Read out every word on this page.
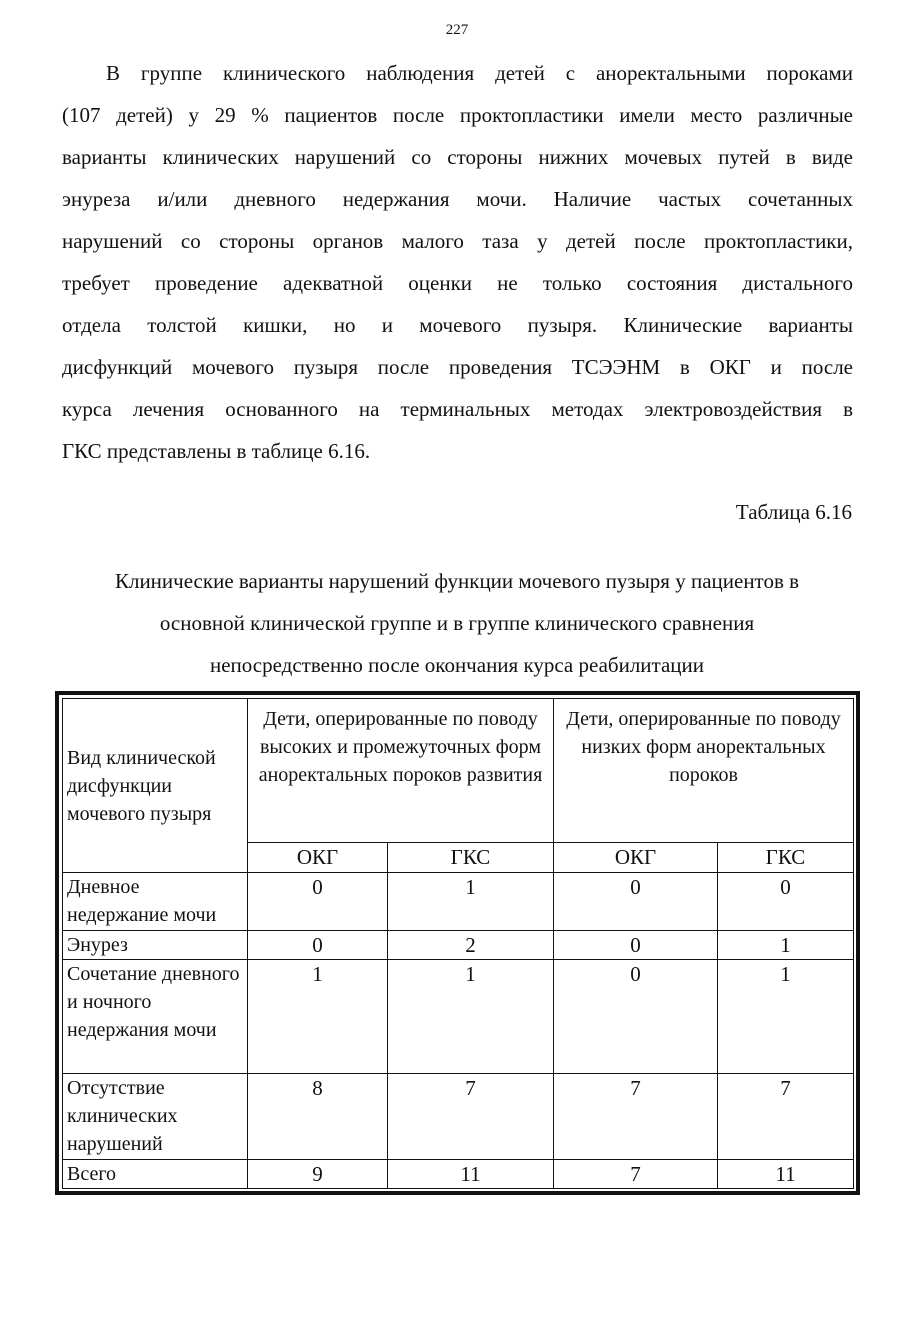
227
В группе клинического наблюдения детей с аноректальными пороками
(107 детей) у 29 % пациентов после проктопластики имели место различные
варианты клинических нарушений со стороны нижних мочевых путей в виде
энуреза и/или дневного недержания мочи. Наличие частых сочетанных
нарушений со стороны органов малого таза у детей после проктопластики,
требует проведение адекватной оценки не только состояния дистального
отдела толстой кишки, но и мочевого пузыря. Клинические варианты
дисфункций мочевого пузыря после проведения ТСЭЭНМ в ОКГ и после
курса лечения основанного на терминальных методах электровоздействия в
ГКС представлены в таблице 6.16.
Таблица 6.16
Клинические варианты нарушений функции мочевого пузыря у пациентов в
основной клинической группе и в группе клинического сравнения
непосредственно после окончания курса реабилитации
Вид клинической дисфункции мочевого пузыря	Дети, оперированные по поводу высоких и промежуточных форм аноректальных пороков развития		Дети, оперированные по поводу низких форм аноректальных пороков	
	ОКГ	ГКС	ОКГ	ГКС
Дневное недержание мочи	0	1	0	0
Энурез	0	2	0	1
Сочетание дневного и ночного недержания мочи	1	1	0	1
Отсутствие клинических нарушений	8	7	7	7
Всего	9	11	7	11
